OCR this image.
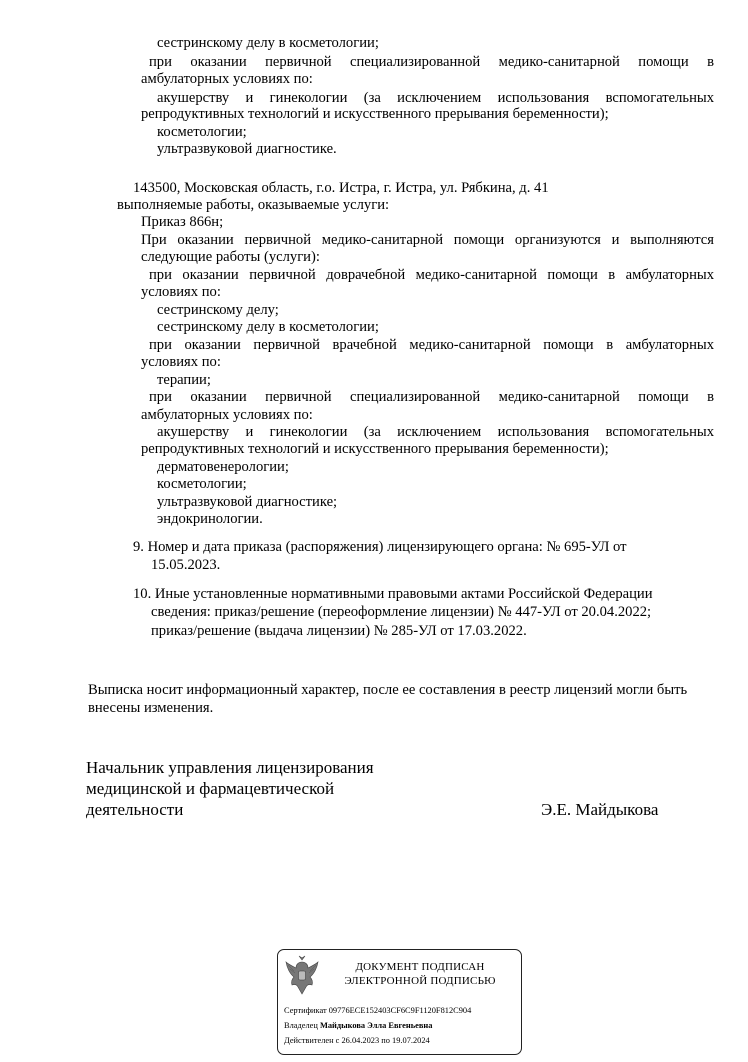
сестринскому делу в косметологии;
при оказании первичной специализированной медико-санитарной помощи в
амбулаторных условиях по:
акушерству и гинекологии (за исключением использования вспомогательных
репродуктивных технологий и искусственного прерывания беременности);
косметологии;
ультразвуковой диагностике.
143500, Московская область, г.о. Истра, г. Истра, ул. Рябкина, д. 41
выполняемые работы, оказываемые услуги:
Приказ 866н;
При оказании первичной медико-санитарной помощи организуются и выполняются
следующие работы (услуги):
при оказании первичной доврачебной медико-санитарной помощи в амбулаторных
условиях по:
сестринскому делу;
сестринскому делу в косметологии;
при оказании первичной врачебной медико-санитарной помощи в амбулаторных
условиях по:
терапии;
при оказании первичной специализированной медико-санитарной помощи в
амбулаторных условиях по:
акушерству и гинекологии (за исключением использования вспомогательных
репродуктивных технологий и искусственного прерывания беременности);
дерматовенерологии;
косметологии;
ультразвуковой диагностике;
эндокринологии.
9. Номер и дата приказа (распоряжения) лицензирующего органа: № 695-УЛ от
15.05.2023.
10. Иные установленные нормативными правовыми актами Российской Федерации
сведения: приказ/решение (переоформление лицензии) № 447-УЛ от 20.04.2022;
приказ/решение (выдача лицензии) № 285-УЛ от 17.03.2022.
Выписка носит информационный характер, после ее составления в реестр лицензий могли быть
внесены изменения.
Начальник управления лицензирования
медицинской и фармацевтической
деятельности	Э.Е. Майдыкова
ДОКУМЕНТ ПОДПИСАН
ЭЛЕКТРОННОЙ ПОДПИСЬЮ
Сертификат 09776ECE152403CF6C9F1120F812C904
Владелец Майдыкова Элла Евгеньевна
Действителен с 26.04.2023 по 19.07.2024
